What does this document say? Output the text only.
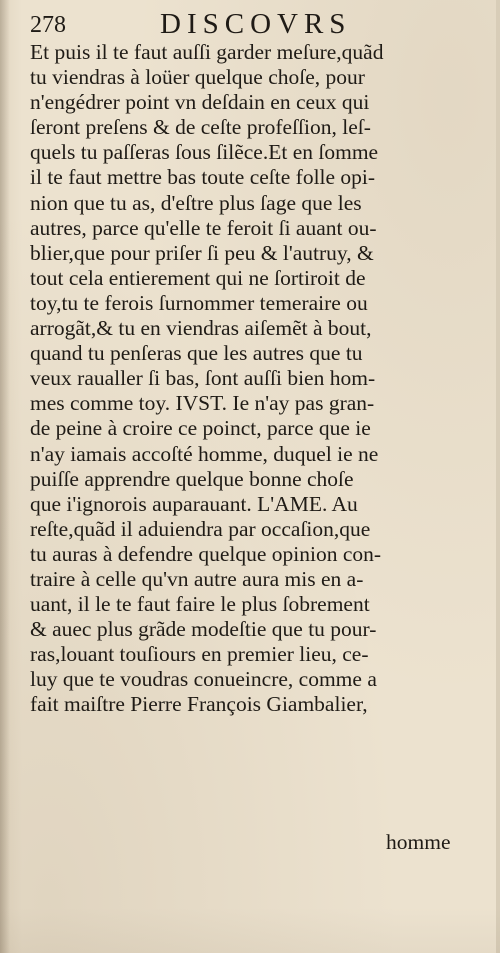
278	DISCOVRS
Et puis il te faut auſſi garder meſure,quãd
tu viendras à loüer quelque choſe, pour
n'engédrer point vn deſdain en ceux qui
ſeront preſens & de ceſte profeſſion, leſ-
quels tu paſſeras ſous ſilẽce.Et en ſomme
il te faut mettre bas toute ceſte folle opi-
nion que tu as, d'eſtre plus ſage que les
autres, parce qu'elle te feroit ſi auant ou-
blier,que pour priſer ſi peu & l'autruy, &
tout cela entierement qui ne ſortiroit de
toy,tu te ferois ſurnommer temeraire ou
arrogãt,& tu en viendras aiſemẽt à bout,
quand tu penſeras que les autres que tu
veux raualler ſi bas, ſont auſſi bien hom-
mes comme toy. IVST. Ie n'ay pas gran-
de peine à croire ce poinct, parce que ie
n'ay iamais accoſté homme, duquel ie ne
puiſſe apprendre quelque bonne choſe
que i'ignorois auparauant. L'AME. Au
reſte,quãd il aduiendra par occaſion,que
tu auras à defendre quelque opinion con-
traire à celle qu'vn autre aura mis en a-
uant, il le te faut faire le plus ſobrement
& auec plus grãde modeſtie que tu pour-
ras,louant touſiours en premier lieu, ce-
luy que te voudras conueincre, comme a
fait maiſtre Pierre François Giambalier,
homme
